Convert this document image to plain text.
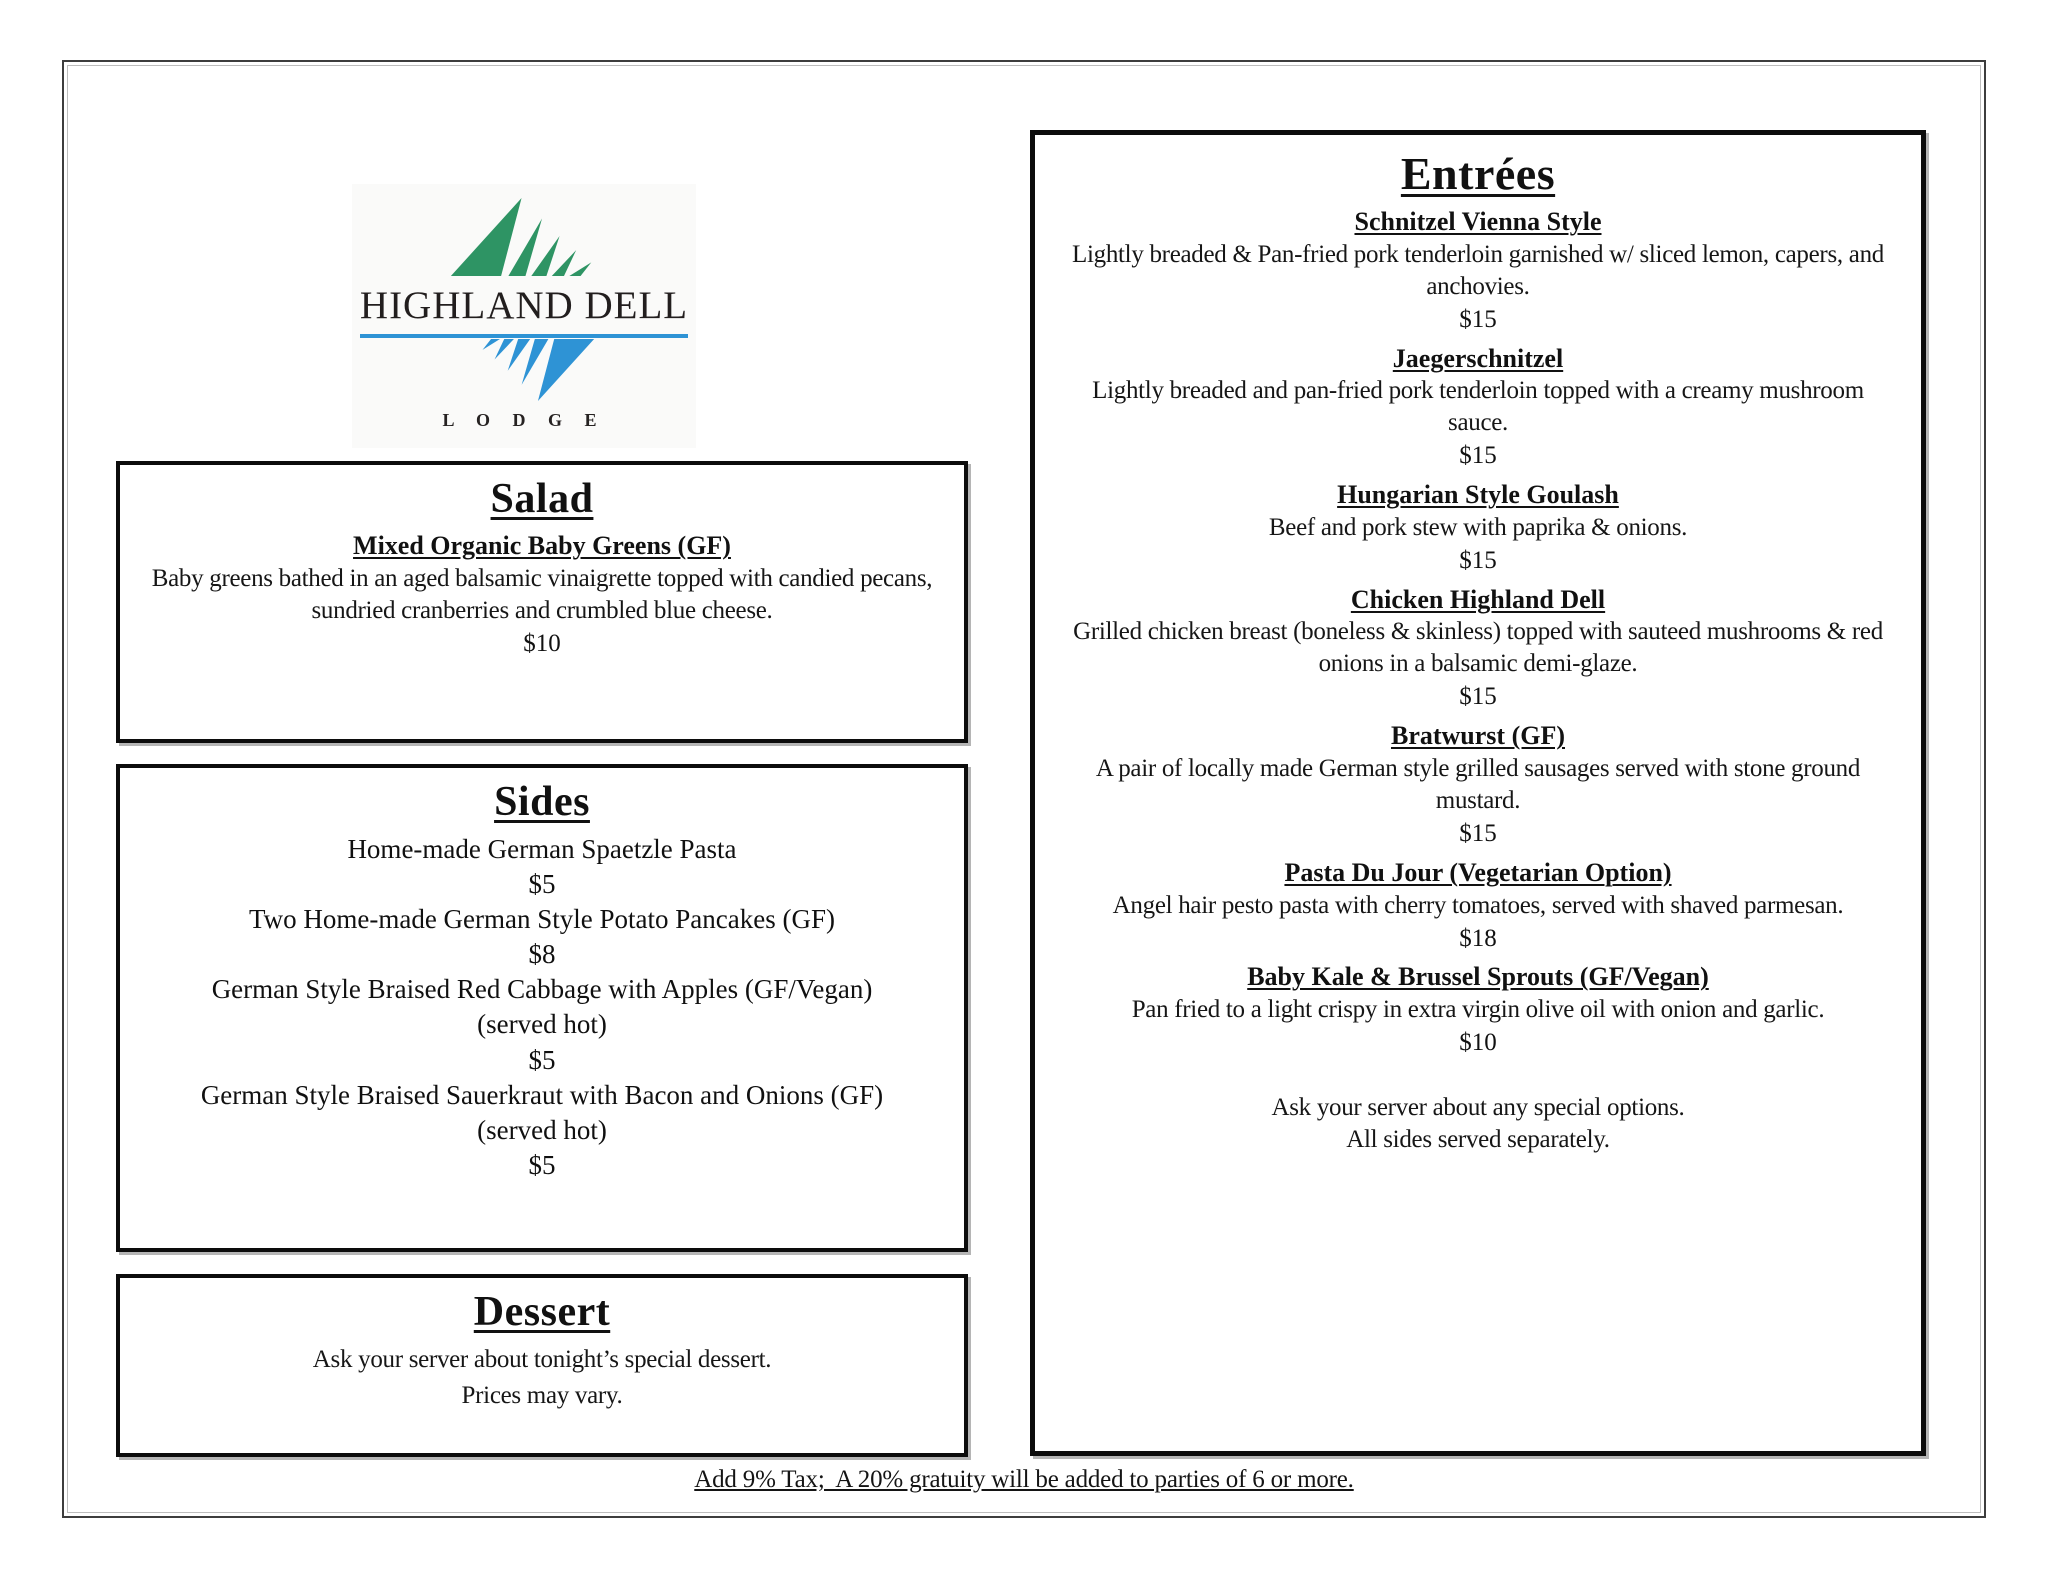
HIGHLAND DELL
L O D G E
Salad
Mixed Organic Baby Greens (GF)
Baby greens bathed in an aged balsamic vinaigrette topped with candied pecans, sundried cranberries and crumbled blue cheese.
$10
Sides
Home-made German Spaetzle Pasta
$5
Two Home-made German Style Potato Pancakes (GF)
$8
German Style Braised Red Cabbage with Apples (GF/Vegan)
(served hot)
$5
German Style Braised Sauerkraut with Bacon and Onions (GF)
(served hot)
$5
Dessert
Ask your server about tonight’s special dessert.
Prices may vary.
Entrées
Schnitzel Vienna Style
Lightly breaded & Pan-fried pork tenderloin garnished w/ sliced lemon, capers, and anchovies.
$15
Jaegerschnitzel
Lightly breaded and pan-fried pork tenderloin topped with a creamy mushroom sauce.
$15
Hungarian Style Goulash
Beef and pork stew with paprika & onions.
$15
Chicken Highland Dell
Grilled chicken breast (boneless & skinless) topped with sauteed mushrooms & red onions in a balsamic demi-glaze.
$15
Bratwurst (GF)
A pair of locally made German style grilled sausages served with stone ground mustard.
$15
Pasta Du Jour (Vegetarian Option)
Angel hair pesto pasta with cherry tomatoes, served with shaved parmesan.
$18
Baby Kale & Brussel Sprouts (GF/Vegan)
Pan fried to a light crispy in extra virgin olive oil with onion and garlic.
$10
Ask your server about any special options.
All sides served separately.
Add 9% Tax;  A 20% gratuity will be added to parties of 6 or more.
